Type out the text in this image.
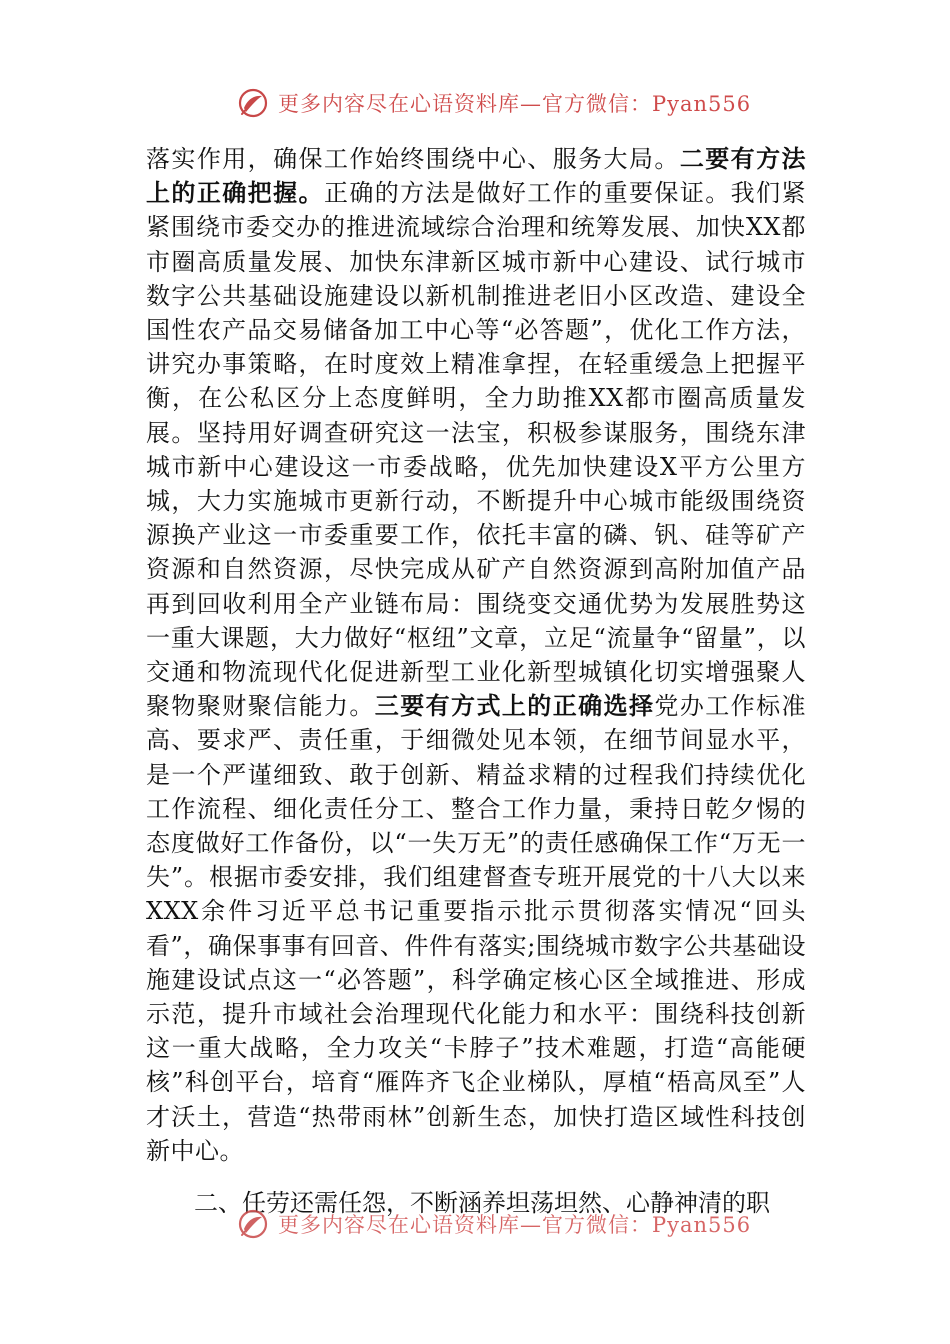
更多内容尽在心语资料库—官方微信：Pyan556

落实作用，确保工作始终围绕中心、服务大局。二要有方法上的正确把握。正确的方法是做好工作的重要保证。我们紧紧围绕市委交办的推进流域综合治理和统筹发展、加快XX都市圈高质量发展、加快东津新区城市新中心建设、试行城市数字公共基础设施建设以新机制推进老旧小区改造、建设全国性农产品交易储备加工中心等“必答题”，优化工作方法，讲究办事策略，在时度效上精准拿捏，在轻重缓急上把握平衡，在公私区分上态度鲜明，全力助推XX都市圈高质量发展。坚持用好调查研究这一法宝，积极参谋服务，围绕东津城市新中心建设这一市委战略，优先加快建设X平方公里方城，大力实施城市更新行动，不断提升中心城市能级围绕资源换产业这一市委重要工作，依托丰富的磷、钒、硅等矿产资源和自然资源，尽快完成从矿产自然资源到高附加值产品再到回收利用全产业链布局：围绕变交通优势为发展胜势这一重大课题，大力做好“枢纽”文章，立足“流量争“留量”，以交通和物流现代化促进新型工业化新型城镇化切实增强聚人聚物聚财聚信能力。三要有方式上的正确选择党办工作标准高、要求严、责任重，于细微处见本领，在细节间显水平，是一个严谨细致、敢于创新、精益求精的过程我们持续优化工作流程、细化责任分工、整合工作力量，秉持日乾夕惕的态度做好工作备份，以“一失万无”的责任感确保工作“万无一失”。根据市委安排，我们组建督查专班开展党的十八大以来XXX余件习近平总书记重要指示批示贯彻落实情况“回头看”，确保事事有回音、件件有落实;围绕城市数字公共基础设施建设试点这一“必答题”，科学确定核心区全域推进、形成示范，提升市域社会治理现代化能力和水平：围绕科技创新这一重大战略，全力攻关“卡脖子”技术难题，打造“高能硬核”科创平台，培育“雁阵齐飞企业梯队，厚植“梧高凤至”人才沃土，营造“热带雨林”创新生态，加快打造区域性科技创新中心。

二、任劳还需任怨，不断涵养坦荡坦然、心静神清的职

更多内容尽在心语资料库—官方微信：Pyan556
